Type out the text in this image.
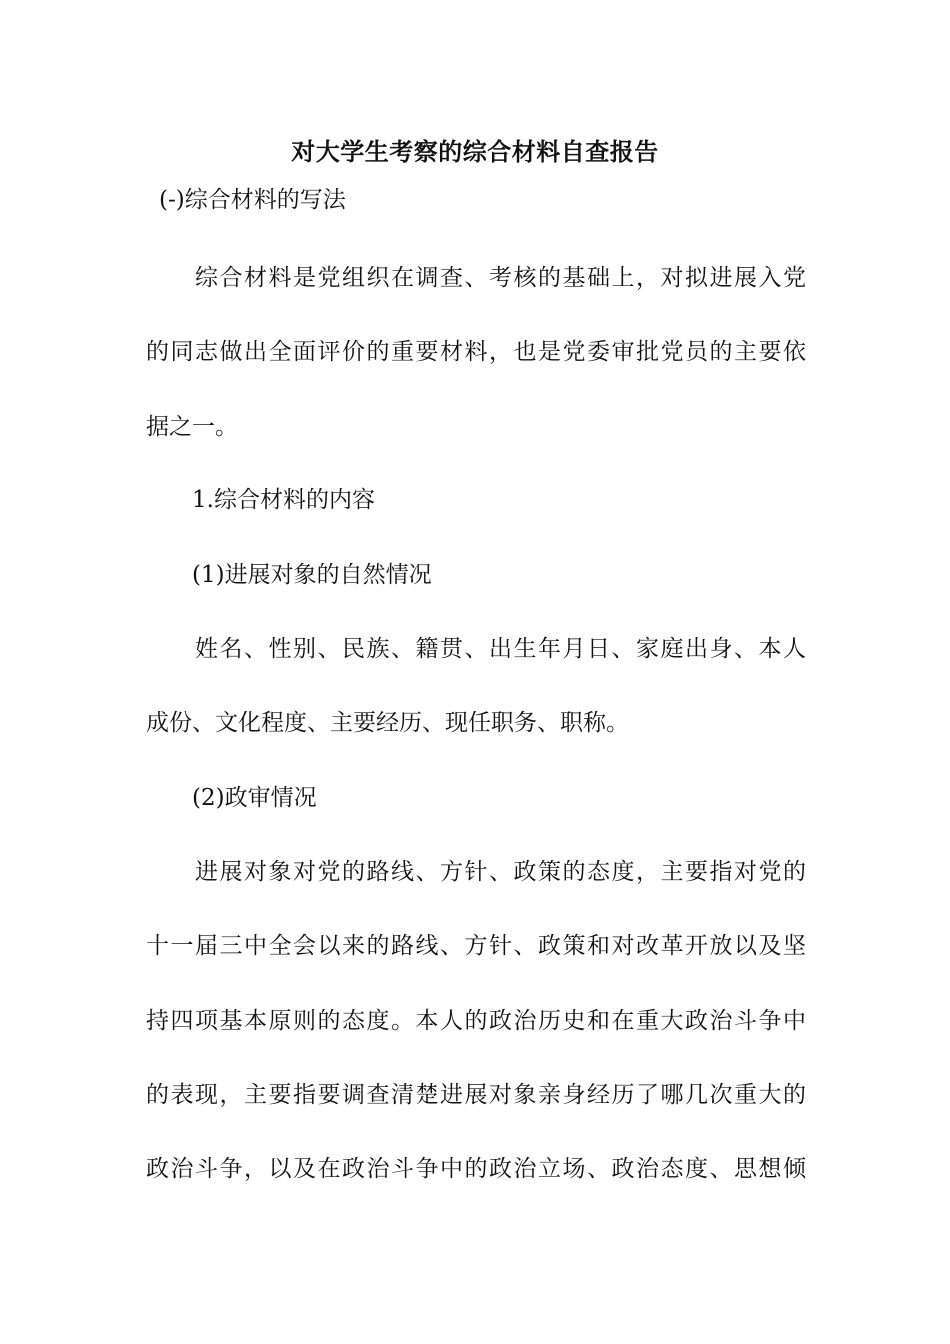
对大学生考察的综合材料自查报告
(-)综合材料的写法
　　综合材料是党组织在调查、考核的基础上，对拟进展入党
的同志做出全面评价的重要材料，也是党委审批党员的主要依
据之一。
　　1.综合材料的内容
　　(1)进展对象的自然情况
　　姓名、性别、民族、籍贯、出生年月日、家庭出身、本人
成份、文化程度、主要经历、现任职务、职称。
　　(2)政审情况
　　进展对象对党的路线、方针、政策的态度，主要指对党的
十一届三中全会以来的路线、方针、政策和对改革开放以及坚
持四项基本原则的态度。本人的政治历史和在重大政治斗争中
的表现，主要指要调查清楚进展对象亲身经历了哪几次重大的
政治斗争，以及在政治斗争中的政治立场、政治态度、思想倾
